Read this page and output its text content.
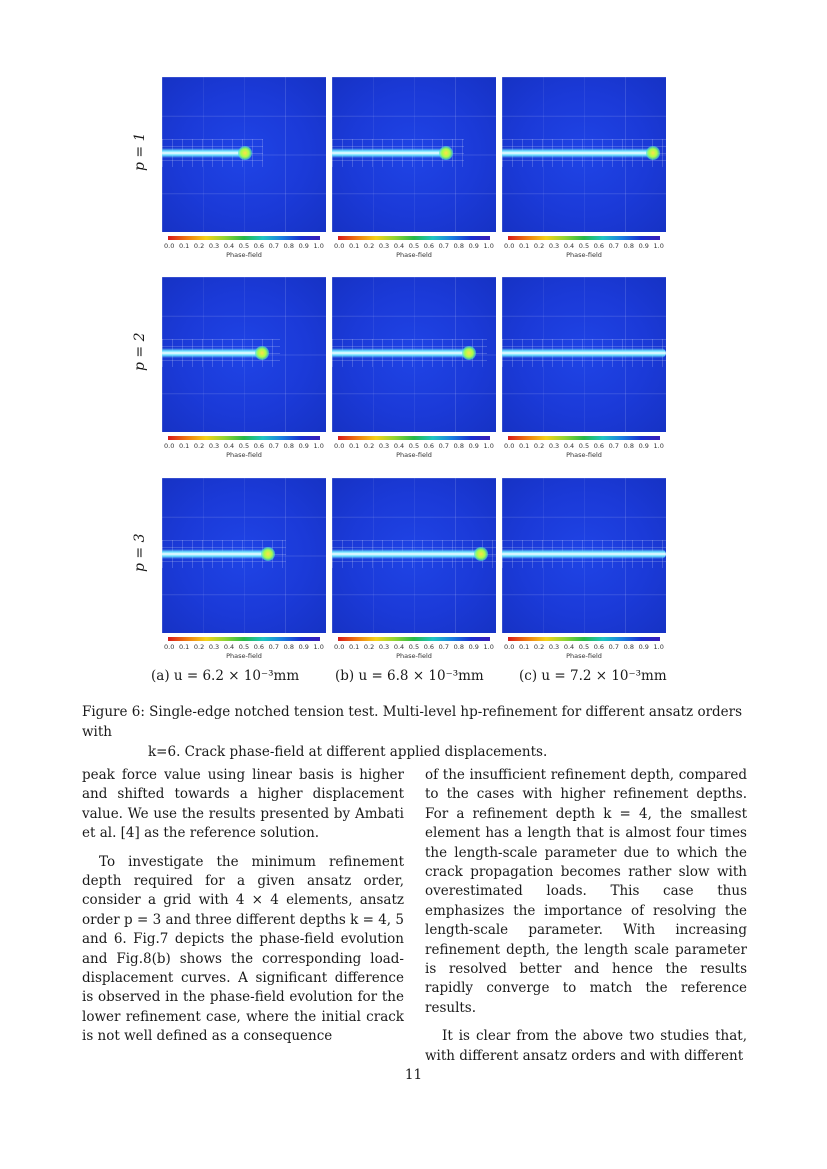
p = 1
0.0 0.1 0.2 0.3 0.4 0.5 0.6 0.7 0.8 0.9 1.0
Phase-field
0.0 0.1 0.2 0.3 0.4 0.5 0.6 0.7 0.8 0.9 1.0
Phase-field
0.0 0.1 0.2 0.3 0.4 0.5 0.6 0.7 0.8 0.9 1.0
Phase-field
p = 2
0.0 0.1 0.2 0.3 0.4 0.5 0.6 0.7 0.8 0.9 1.0
Phase-field
0.0 0.1 0.2 0.3 0.4 0.5 0.6 0.7 0.8 0.9 1.0
Phase-field
0.0 0.1 0.2 0.3 0.4 0.5 0.6 0.7 0.8 0.9 1.0
Phase-field
p = 3
0.0 0.1 0.2 0.3 0.4 0.5 0.6 0.7 0.8 0.9 1.0
Phase-field
0.0 0.1 0.2 0.3 0.4 0.5 0.6 0.7 0.8 0.9 1.0
Phase-field
0.0 0.1 0.2 0.3 0.4 0.5 0.6 0.7 0.8 0.9 1.0
Phase-field
(a) u = 6.2 × 10⁻³mm	(b) u = 6.8 × 10⁻³mm	(c) u = 7.2 × 10⁻³mm
Figure 6: Single-edge notched tension test. Multi-level hp-refinement for different ansatz orders with
k=6. Crack phase-field at different applied displacements.

peak force value using linear basis is higher and shifted towards a higher displacement value. We use the results presented by Ambati et al. [4] as the reference solution.

To investigate the minimum refinement depth required for a given ansatz order, consider a grid with 4 × 4 elements, ansatz order p = 3 and three different depths k = 4, 5 and 6. Fig.7 depicts the phase-field evolution and Fig.8(b) shows the corresponding load-displacement curves. A significant difference is observed in the phase-field evolution for the lower refinement case, where the initial crack is not well defined as a consequence

of the insufficient refinement depth, compared to the cases with higher refinement depths. For a refinement depth k = 4, the smallest element has a length that is almost four times the length-scale parameter due to which the crack propagation becomes rather slow with overestimated loads. This case thus emphasizes the importance of resolving the length-scale parameter. With increasing refinement depth, the length scale parameter is resolved better and hence the results rapidly converge to match the reference results.

It is clear from the above two studies that, with different ansatz orders and with different

11
